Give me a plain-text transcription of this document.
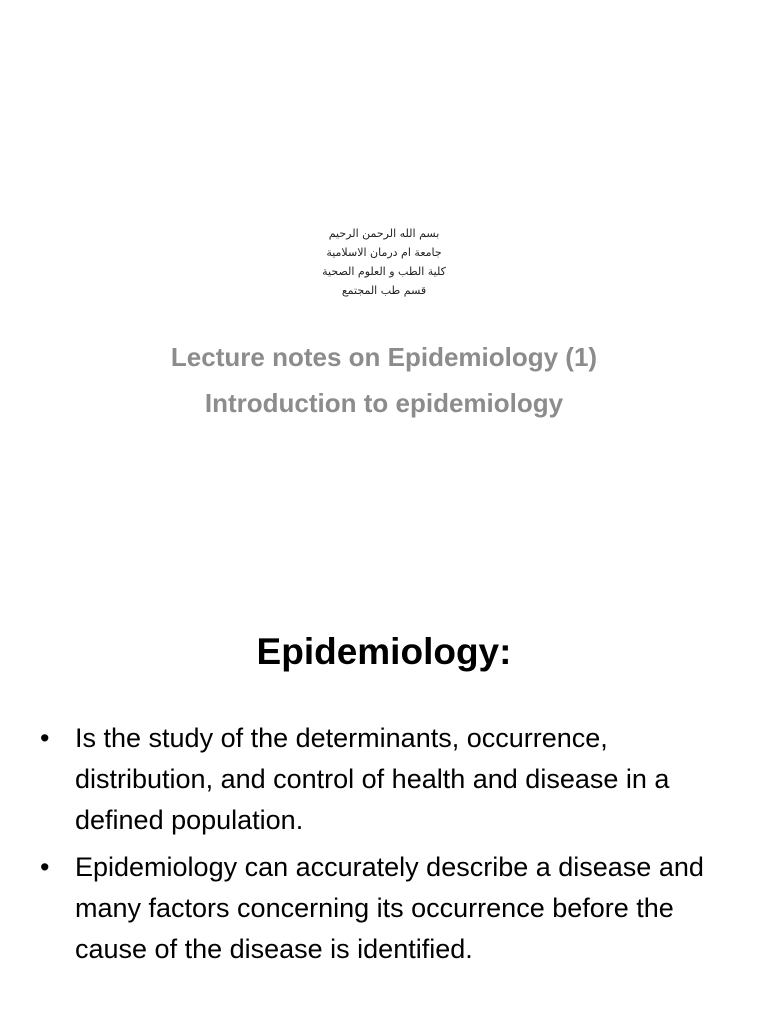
بسم الله الرحمن الرحيم
جامعة ام درمان الاسلامية
كلية الطب و العلوم الصحية
قسم طب المجتمع
Lecture notes on Epidemiology (1)
Introduction to epidemiology
Epidemiology:
• Is the study of the determinants, occurrence, distribution, and control of health and disease in a defined population.
• Epidemiology can accurately describe a disease and many factors concerning its occurrence before the cause of the disease is identified.
